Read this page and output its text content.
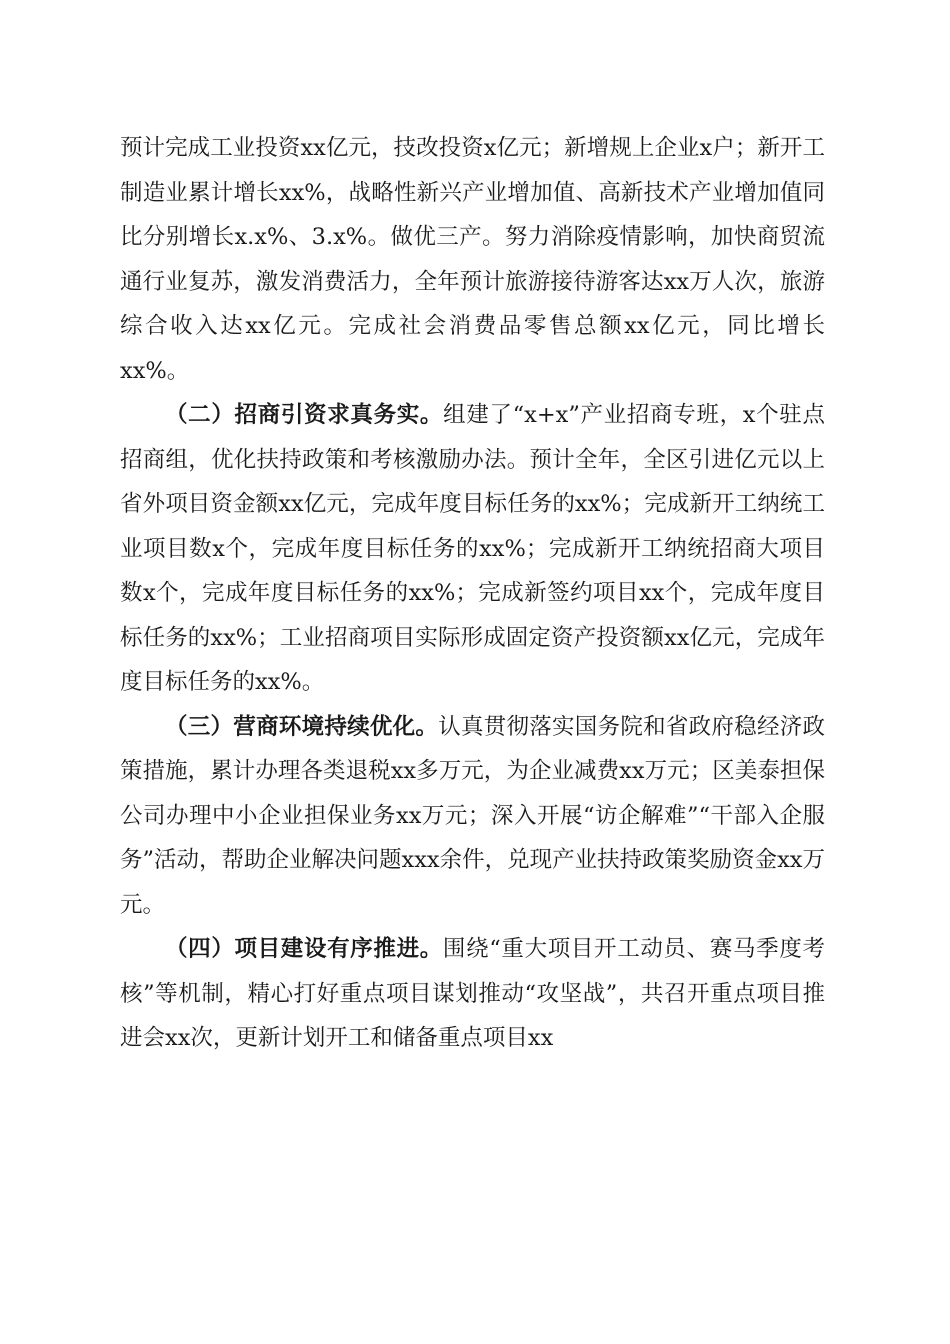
预计完成工业投资xx亿元，技改投资x亿元；新增规上企业x户；新开工制造业累计增长xx%，战略性新兴产业增加值、高新技术产业增加值同比分别增长x.x%、3.x%。做优三产。努力消除疫情影响，加快商贸流通行业复苏，激发消费活力，全年预计旅游接待游客达xx万人次，旅游综合收入达xx亿元。完成社会消费品零售总额xx亿元，同比增长xx%。

（二）招商引资求真务实。组建了“x+x”产业招商专班，x个驻点招商组，优化扶持政策和考核激励办法。预计全年，全区引进亿元以上省外项目资金额xx亿元，完成年度目标任务的xx%；完成新开工纳统工业项目数x个，完成年度目标任务的xx%；完成新开工纳统招商大项目数x个，完成年度目标任务的xx%；完成新签约项目xx个，完成年度目标任务的xx%；工业招商项目实际形成固定资产投资额xx亿元，完成年度目标任务的xx%。

（三）营商环境持续优化。认真贯彻落实国务院和省政府稳经济政策措施，累计办理各类退税xx多万元，为企业减费xx万元；区美泰担保公司办理中小企业担保业务xx万元；深入开展“访企解难”“干部入企服务”活动，帮助企业解决问题xxx余件，兑现产业扶持政策奖励资金xx万元。

（四）项目建设有序推进。围绕“重大项目开工动员、赛马季度考核”等机制，精心打好重点项目谋划推动“攻坚战”，共召开重点项目推进会xx次，更新计划开工和储备重点项目xx
